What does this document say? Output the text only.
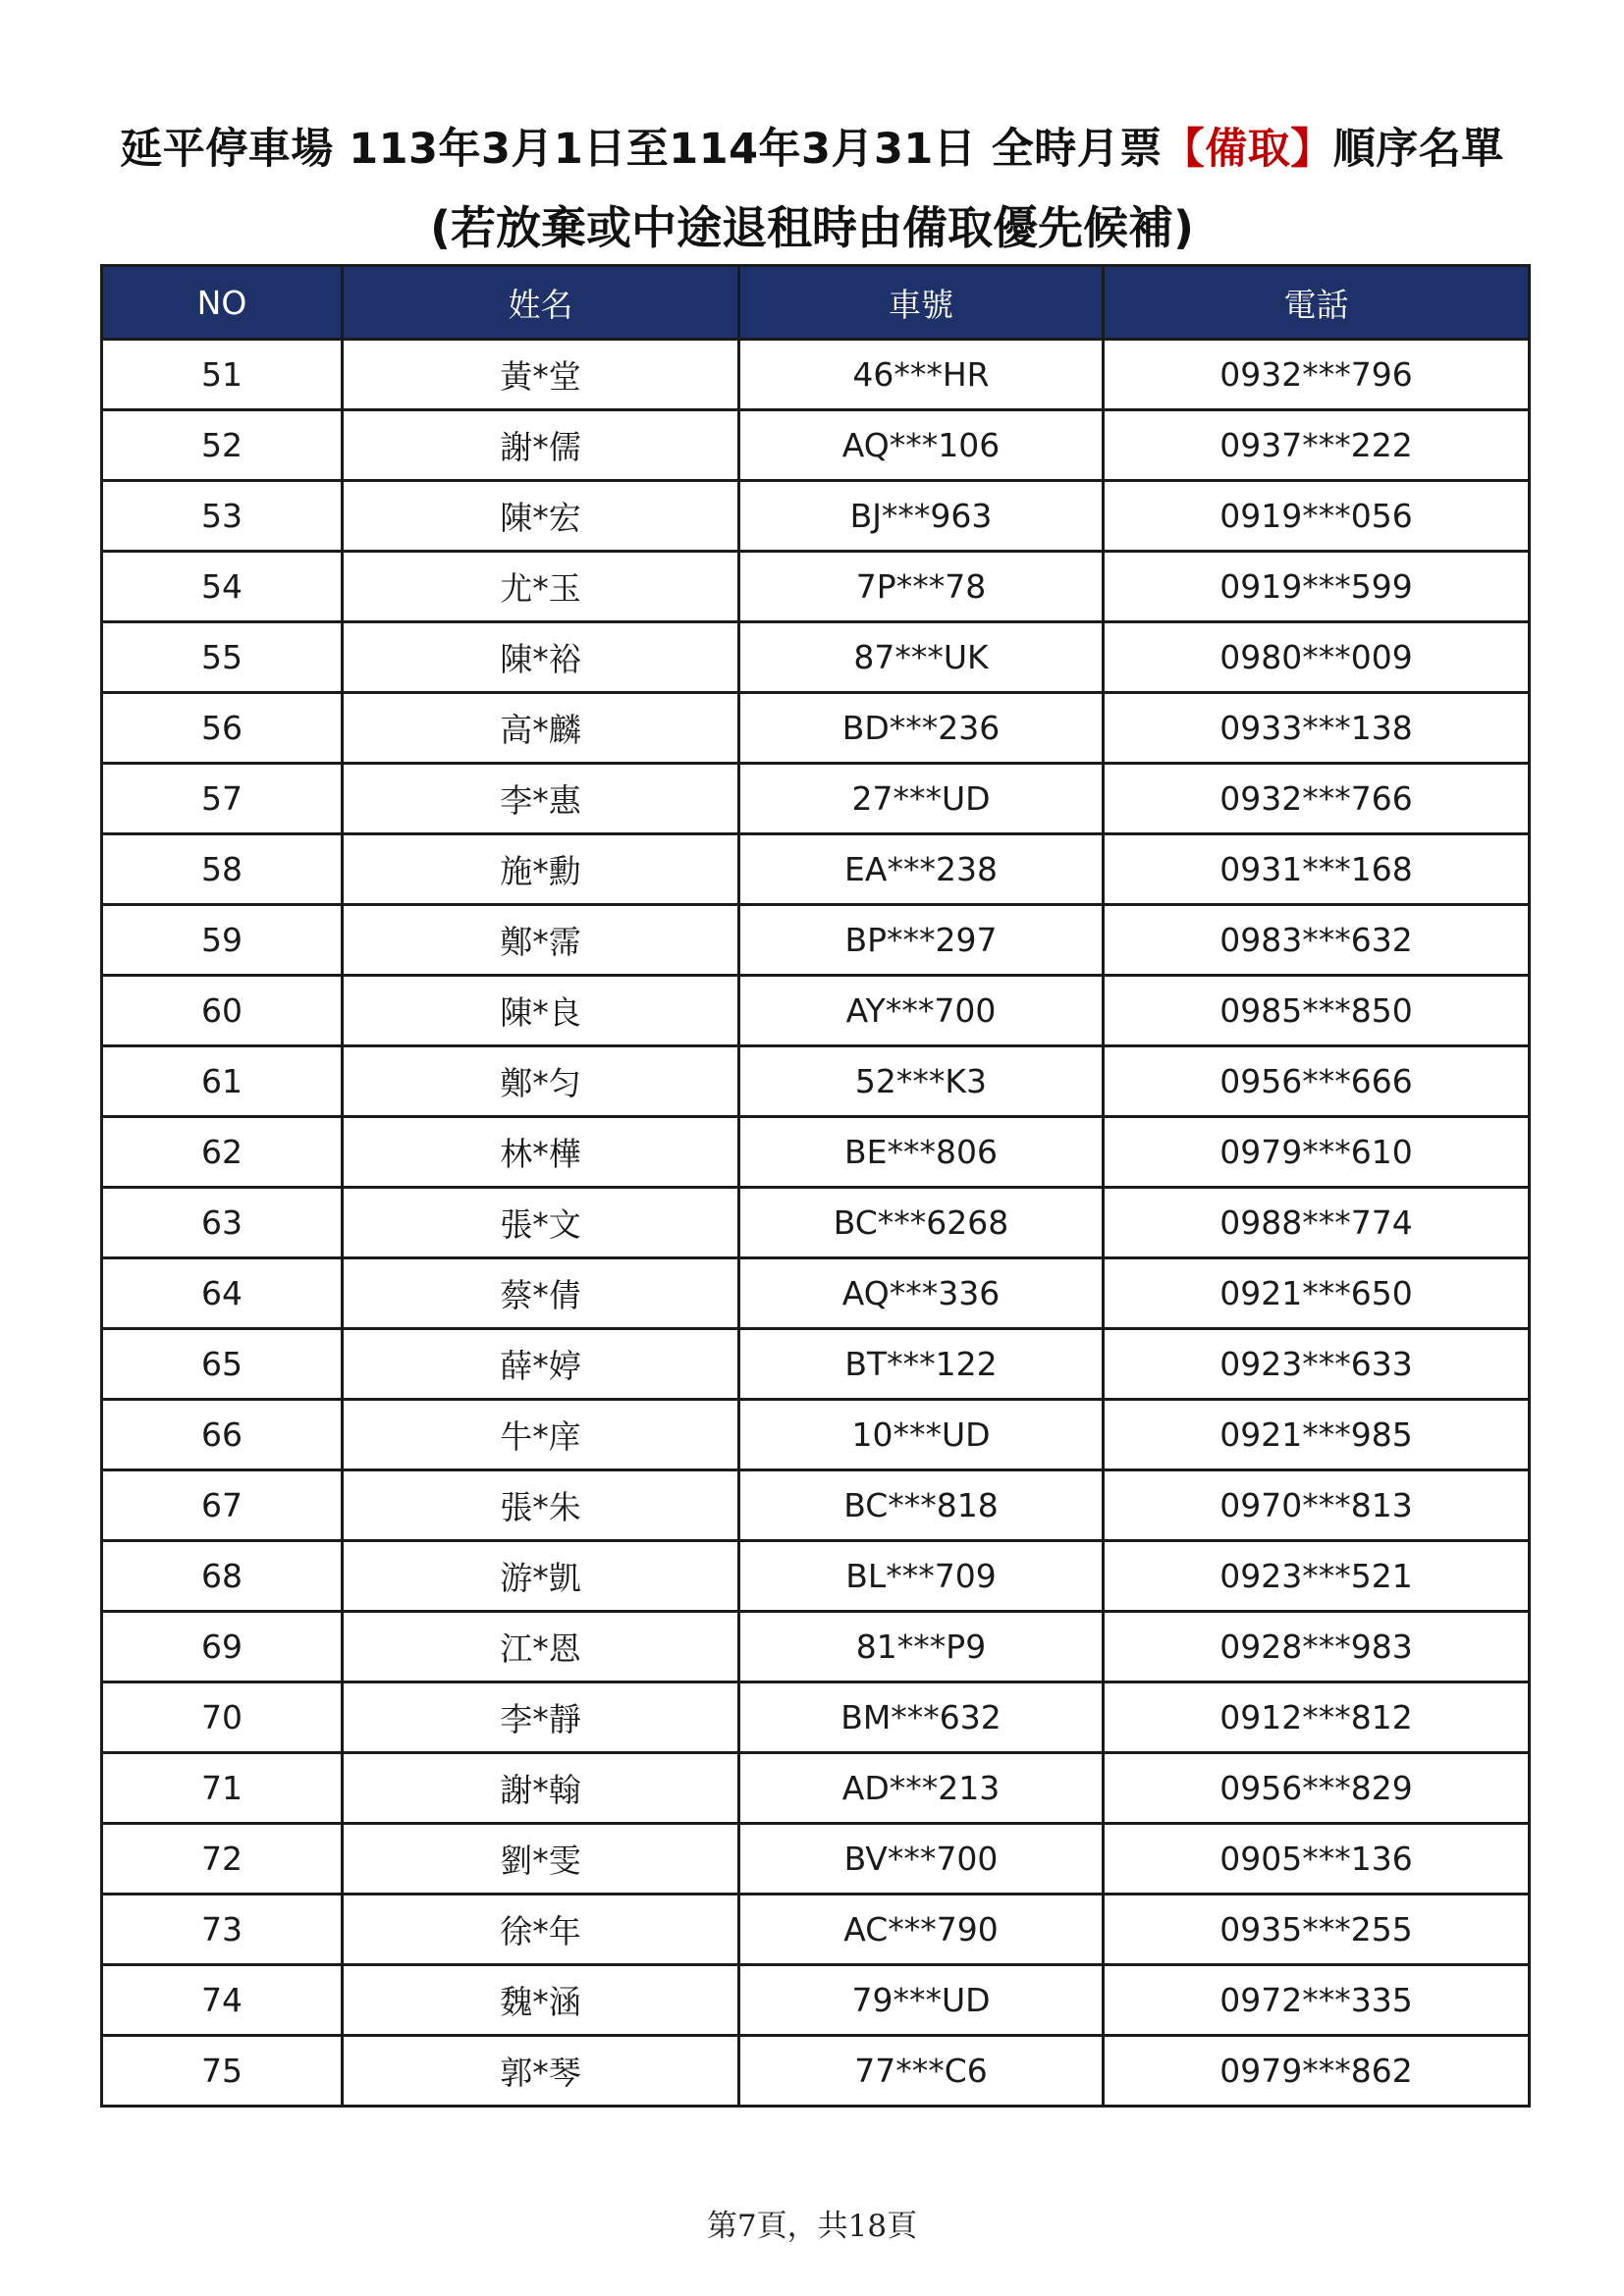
延平停車場 113年3月1日至114年3月31日 全時月票【備取】順序名單
(若放棄或中途退租時由備取優先候補)
NO	姓名	車號	電話
51	黃*堂	46***HR	0932***796
52	謝*儒	AQ***106	0937***222
53	陳*宏	BJ***963	0919***056
54	尤*玉	7P***78	0919***599
55	陳*裕	87***UK	0980***009
56	高*麟	BD***236	0933***138
57	李*惠	27***UD	0932***766
58	施*勳	EA***238	0931***168
59	鄭*霈	BP***297	0983***632
60	陳*良	AY***700	0985***850
61	鄭*匀	52***K3	0956***666
62	林*樺	BE***806	0979***610
63	張*文	BC***6268	0988***774
64	蔡*倩	AQ***336	0921***650
65	薛*婷	BT***122	0923***633
66	牛*庠	10***UD	0921***985
67	張*朱	BC***818	0970***813
68	游*凱	BL***709	0923***521
69	江*恩	81***P9	0928***983
70	李*靜	BM***632	0912***812
71	謝*翰	AD***213	0956***829
72	劉*雯	BV***700	0905***136
73	徐*年	AC***790	0935***255
74	魏*涵	79***UD	0972***335
75	郭*琴	77***C6	0979***862
第7頁，共18頁
